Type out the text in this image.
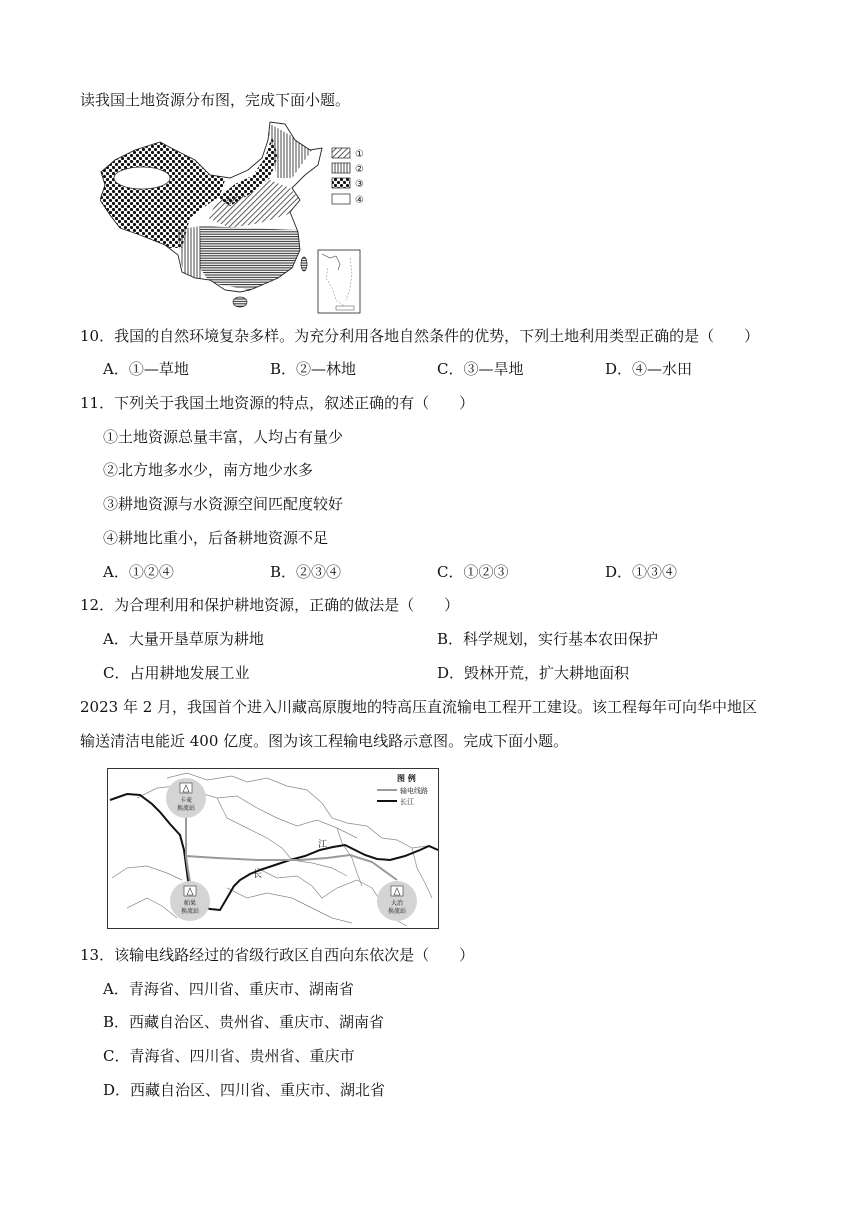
读我国土地资源分布图，完成下面小题。
①
②
③
④
10．我国的自然环境复杂多样。为充分利用各地自然条件的优势，下列土地利用类型正确的是（　　）
A．①—草地	B．②—林地	C．③—旱地	D．④—水田
11．下列关于我国土地资源的特点，叙述正确的有（　　）
①土地资源总量丰富，人均占有量少
②北方地多水少，南方地少水多
③耕地资源与水资源空间匹配度较好
④耕地比重小，后备耕地资源不足
A．①②④	B．②③④	C．①②③	D．①③④
12．为合理利用和保护耕地资源，正确的做法是（　　）
A．大量开垦草原为耕地	B．科学规划，实行基本农田保护
C．占用耕地发展工业	D．毁林开荒，扩大耕地面积
2023 年 2 月，我国首个进入川藏高原腹地的特高压直流输电工程开工建设。该工程每年可向华中地区
输送清洁电能近 400 亿度。图为该工程输电线路示意图。完成下面小题。
长
江
卡麦
换流站
帕果
换流站
大冶
换流站
图 例
输电线路
长江
13．该输电线路经过的省级行政区自西向东依次是（　　）
A．青海省、四川省、重庆市、湖南省
B．西藏自治区、贵州省、重庆市、湖南省
C．青海省、四川省、贵州省、重庆市
D．西藏自治区、四川省、重庆市、湖北省
